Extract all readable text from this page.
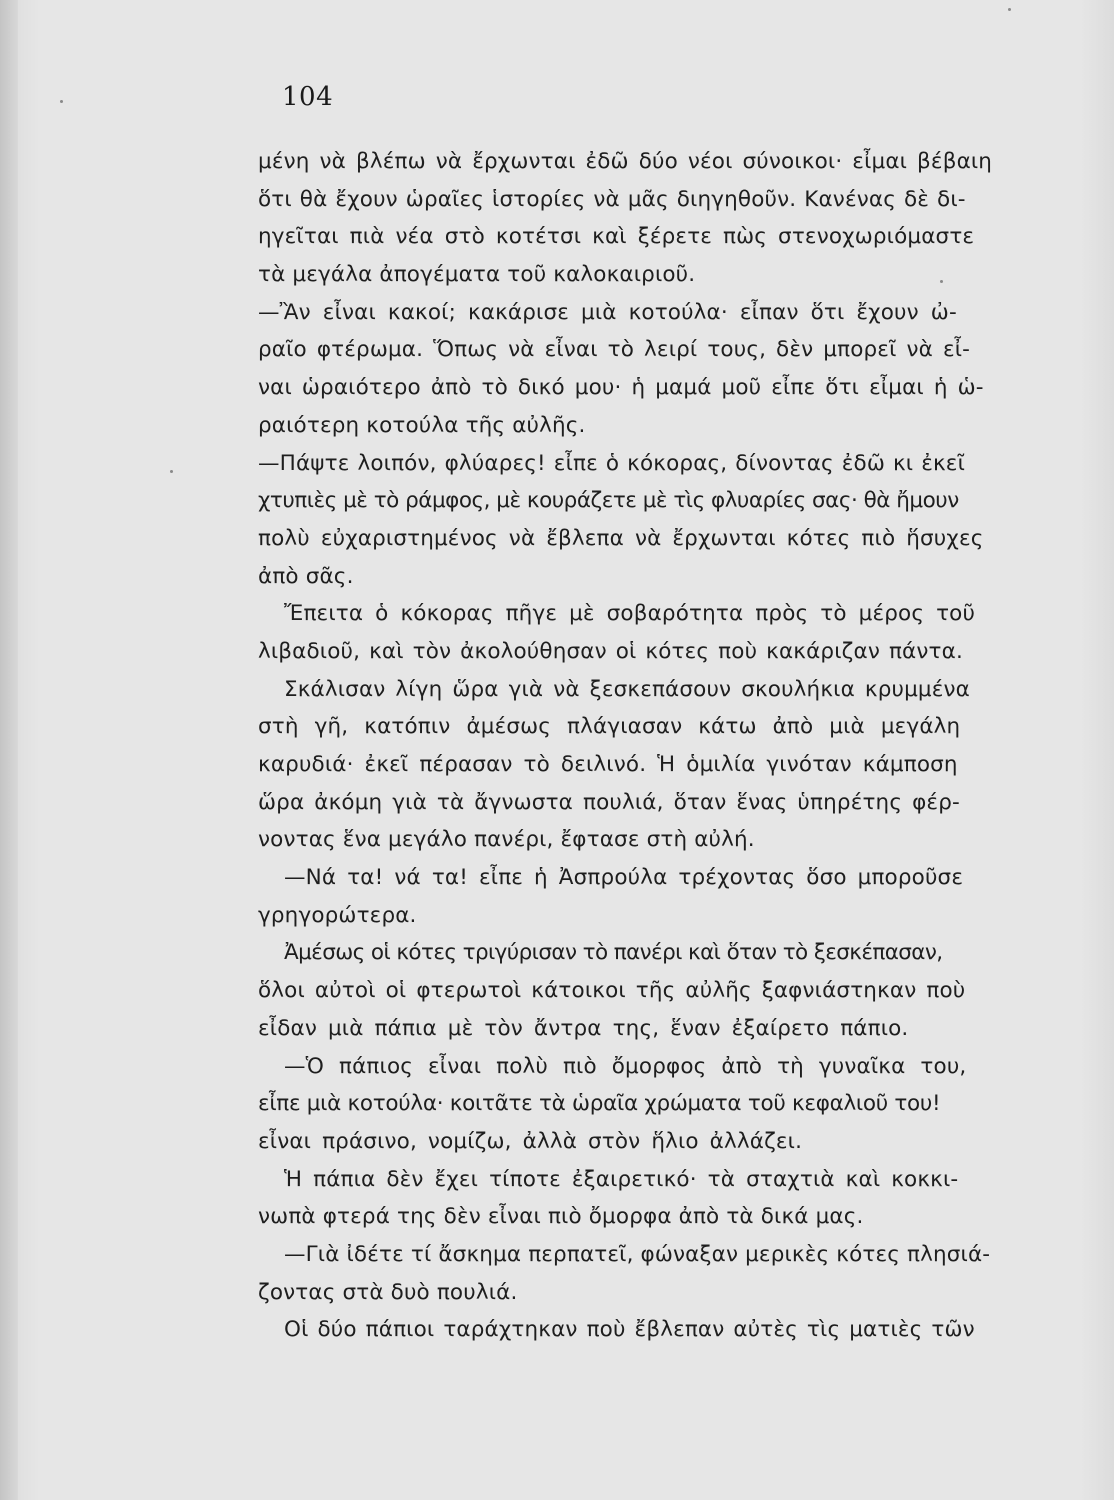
104
μένη νὰ βλέπω νὰ ἔρχωνται ἐδῶ δύο νέοι σύνοικοι· εἶμαι βέβαιη
ὅτι θὰ ἔχουν ὡραῖες ἱστορίες νὰ μᾶς διηγηθοῦν. Κανένας δὲ δι-
ηγεῖται πιὰ νέα στὸ κοτέτσι καὶ ξέρετε πὼς στενοχωριόμαστε
τὰ μεγάλα ἀπογέματα τοῦ καλοκαιριοῦ.
—Ἂν εἶναι κακοί; κακάρισε μιὰ κοτούλα· εἶπαν ὅτι ἔχουν ὠ-
ραῖο φτέρωμα. Ὅπως νὰ εἶναι τὸ λειρί τους, δὲν μπορεῖ νὰ εἶ-
ναι ὡραιότερο ἀπὸ τὸ δικό μου· ἡ μαμά μοῦ εἶπε ὅτι εἶμαι ἡ ὡ-
ραιότερη κοτούλα τῆς αὐλῆς.
—Πάψτε λοιπόν, φλύαρες! εἶπε ὁ κόκορας, δίνοντας ἐδῶ κι ἐκεῖ
χτυπιὲς μὲ τὸ ράμφος, μὲ κουράζετε μὲ τὶς φλυαρίες σας· θὰ ἤμουν
πολὺ εὐχαριστημένος νὰ ἔβλεπα νὰ ἔρχωνται κότες πιὸ ἥσυχες
ἀπὸ σᾶς.
Ἔπειτα ὁ κόκορας πῆγε μὲ σοβαρότητα πρὸς τὸ μέρος τοῦ
λιβαδιοῦ, καὶ τὸν ἀκολούθησαν οἱ κότες ποὺ κακάριζαν πάντα.
Σκάλισαν λίγη ὥρα γιὰ νὰ ξεσκεπάσουν σκουλήκια κρυμμένα
στὴ γῆ, κατόπιν ἀμέσως πλάγιασαν κάτω ἀπὸ μιὰ μεγάλη
καρυδιά· ἐκεῖ πέρασαν τὸ δειλινό. Ἡ ὁμιλία γινόταν κάμποση
ὥρα ἀκόμη γιὰ τὰ ἄγνωστα πουλιά, ὅταν ἕνας ὑπηρέτης φέρ-
νοντας ἕνα μεγάλο πανέρι, ἔφτασε στὴ αὐλή.
—Νά τα! νά τα! εἶπε ἡ Ἀσπρούλα τρέχοντας ὅσο μποροῦσε
γρηγορώτερα.
Ἀμέσως οἱ κότες τριγύρισαν τὸ πανέρι καὶ ὅταν τὸ ξεσκέπασαν,
ὅλοι αὐτοὶ οἱ φτερωτοὶ κάτοικοι τῆς αὐλῆς ξαφνιάστηκαν ποὺ
εἶδαν μιὰ πάπια μὲ τὸν ἄντρα της, ἕναν ἐξαίρετο πάπιο.
—Ὁ πάπιος εἶναι πολὺ πιὸ ὄμορφος ἀπὸ τὴ γυναῖκα του,
εἶπε μιὰ κοτούλα· κοιτᾶτε τὰ ὡραῖα χρώματα τοῦ κεφαλιοῦ του!
εἶναι πράσινο, νομίζω, ἀλλὰ στὸν ἥλιο ἀλλάζει.
Ἡ πάπια δὲν ἔχει τίποτε ἐξαιρετικό· τὰ σταχτιὰ καὶ κοκκι-
νωπὰ φτερά της δὲν εἶναι πιὸ ὄμορφα ἀπὸ τὰ δικά μας.
—Γιὰ ἰδέτε τί ἄσκημα περπατεῖ, φώναξαν μερικὲς κότες πλησιά-
ζοντας στὰ δυὸ πουλιά.
Οἱ δύο πάπιοι ταράχτηκαν ποὺ ἔβλεπαν αὐτὲς τὶς ματιὲς τῶν
